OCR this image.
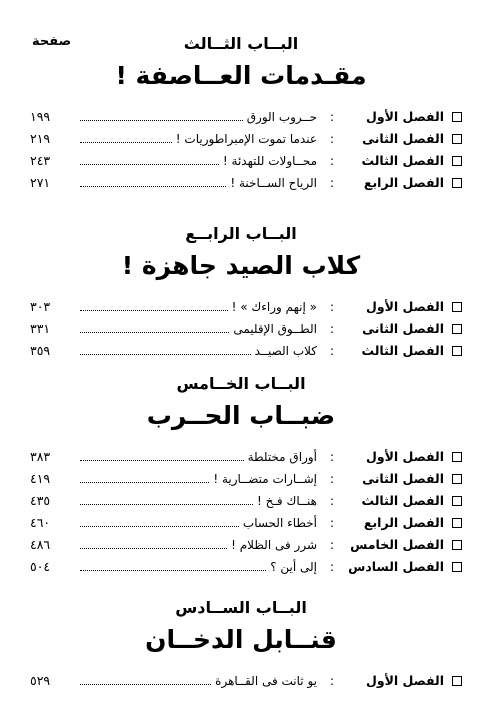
صفحة	البــاب الثــالث
مقـدمات العــاصفة !
الفصل الأول
:
حــروب الورق
١٩٩
الفصل الثانى
:
عندما تموت الإمبراطوريات !
٢١٩
الفصل الثالث
:
محــاولات للتهدئة !
٢٤٣
الفصل الرابع
:
الرياح الســاخنة !
٢٧١
البــاب الرابــع
كلاب الصيد جاهزة !
الفصل الأول
:
« إنهم وراءك » !
٣٠٣
الفصل الثانى
:
الطــوق الإقليمى
٣٣١
الفصل الثالث
:
كلاب الصيــد
٣٥٩
البــاب الخــامس
ضبــاب الحــرب
الفصل الأول
:
أوراق مختلطة
٣٨٣
الفصل الثانى
:
إشــارات متضــارية !
٤١٩
الفصل الثالث
:
هنــاك فـخ !
٤٣٥
الفصل الرابع
:
أخطاء الحساب
٤٦٠
الفصل الخامس
:
شرر فى الظلام !
٤٨٦
الفصل السادس
:
إلى أين ؟
٥٠٤
البــاب الســادس
قنــابل الدخــان
الفصل الأول
:
يو ثانت فى القــاهرة
٥٢٩
